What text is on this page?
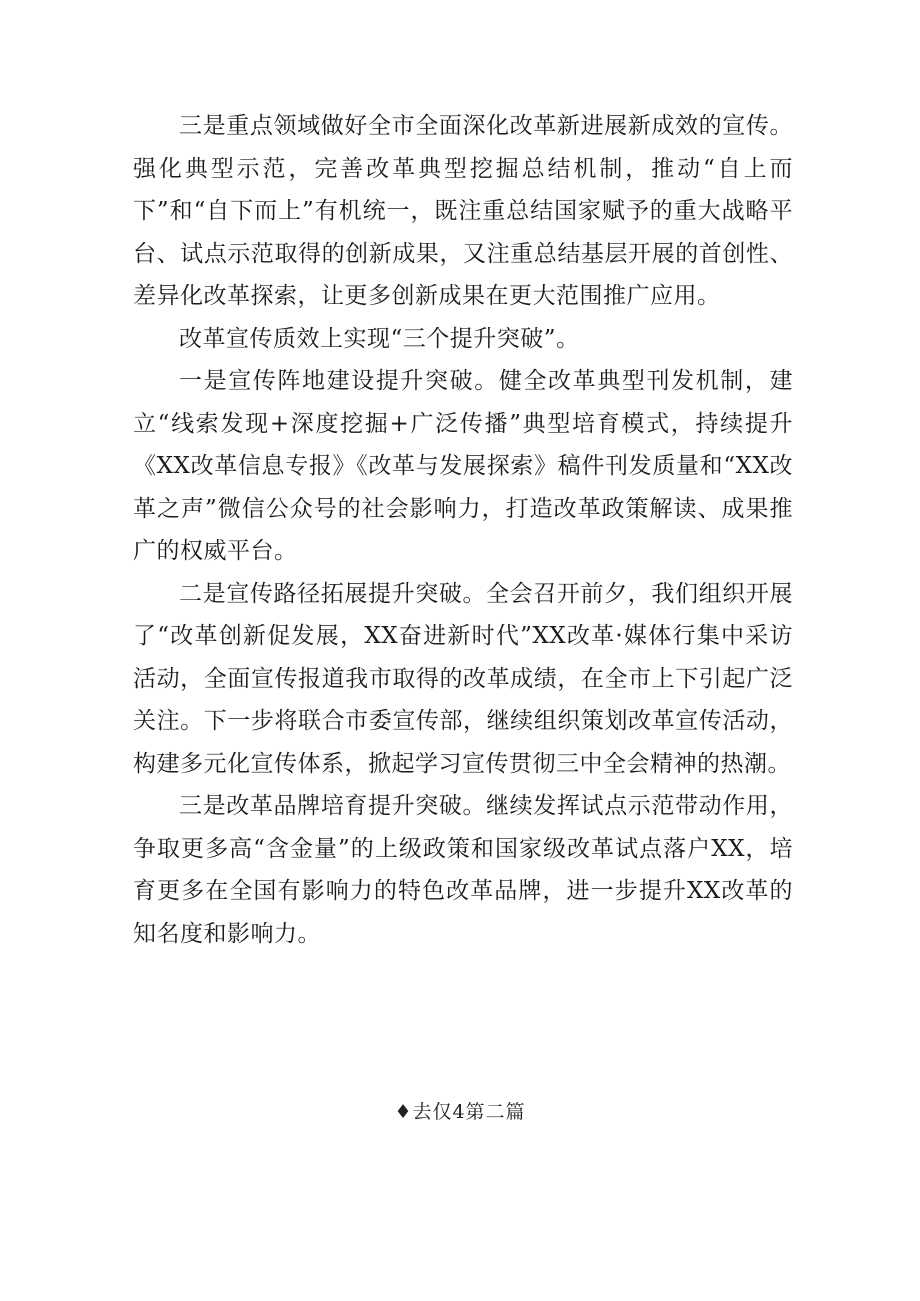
三是重点领域做好全市全面深化改革新进展新成效的宣传。强化典型示范，完善改革典型挖掘总结机制，推动“自上而下”和“自下而上”有机统一，既注重总结国家赋予的重大战略平台、试点示范取得的创新成果，又注重总结基层开展的首创性、差异化改革探索，让更多创新成果在更大范围推广应用。

改革宣传质效上实现“三个提升突破”。

一是宣传阵地建设提升突破。健全改革典型刊发机制，建立“线索发现+深度挖掘+广泛传播”典型培育模式，持续提升《XX改革信息专报》《改革与发展探索》稿件刊发质量和“XX改革之声”微信公众号的社会影响力，打造改革政策解读、成果推广的权威平台。

二是宣传路径拓展提升突破。全会召开前夕，我们组织开展了“改革创新促发展，XX奋进新时代”XX改革·媒体行集中采访活动，全面宣传报道我市取得的改革成绩，在全市上下引起广泛关注。下一步将联合市委宣传部，继续组织策划改革宣传活动，构建多元化宣传体系，掀起学习宣传贯彻三中全会精神的热潮。

三是改革品牌培育提升突破。继续发挥试点示范带动作用，争取更多高“含金量”的上级政策和国家级改革试点落户XX，培育更多在全国有影响力的特色改革品牌，进一步提升XX改革的知名度和影响力。

♦去仅4第二篇
